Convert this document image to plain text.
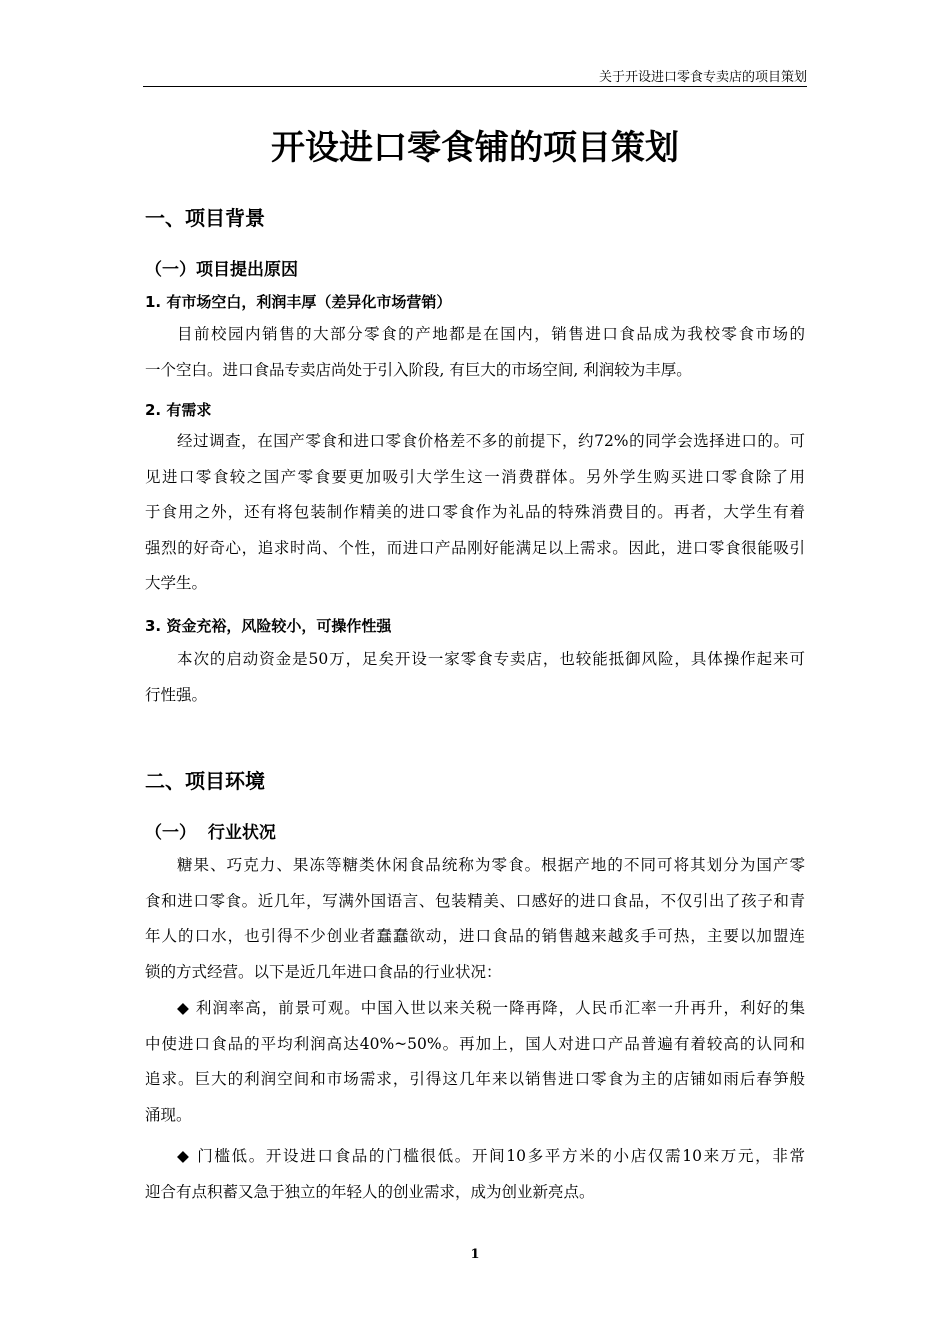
关于开设进口零食专卖店的项目策划
开设进口零食铺的项目策划
一、项目背景
（一）项目提出原因
1. 有市场空白，利润丰厚（差异化市场营销）
目前校园内销售的大部分零食的产地都是在国内，销售进口食品成为我校零食市场的
一个空白。进口食品专卖店尚处于引入阶段, 有巨大的市场空间, 利润较为丰厚。
2. 有需求
经过调查，在国产零食和进口零食价格差不多的前提下，约72%的同学会选择进口的。可
见进口零食较之国产零食要更加吸引大学生这一消费群体。另外学生购买进口零食除了用
于食用之外，还有将包装制作精美的进口零食作为礼品的特殊消费目的。再者，大学生有着
强烈的好奇心，追求时尚、个性，而进口产品刚好能满足以上需求。因此，进口零食很能吸引
大学生。
3. 资金充裕，风险较小，可操作性强
本次的启动资金是50万，足矣开设一家零食专卖店，也较能抵御风险，具体操作起来可
行性强。
二、项目环境
（一）  行业状况
糖果、巧克力、果冻等糖类休闲食品统称为零食。根据产地的不同可将其划分为国产零
食和进口零食。近几年，写满外国语言、包装精美、口感好的进口食品，不仅引出了孩子和青
年人的口水，也引得不少创业者蠢蠢欲动，进口食品的销售越来越炙手可热，主要以加盟连
锁的方式经营。以下是近几年进口食品的行业状况：
◆ 利润率高，前景可观。中国入世以来关税一降再降，人民币汇率一升再升，利好的集
中使进口食品的平均利润高达40%~50%。再加上，国人对进口产品普遍有着较高的认同和
追求。巨大的利润空间和市场需求，引得这几年来以销售进口零食为主的店铺如雨后春笋般
涌现。
◆ 门槛低。开设进口食品的门槛很低。开间10多平方米的小店仅需10来万元，非常
迎合有点积蓄又急于独立的年轻人的创业需求，成为创业新亮点。
1
